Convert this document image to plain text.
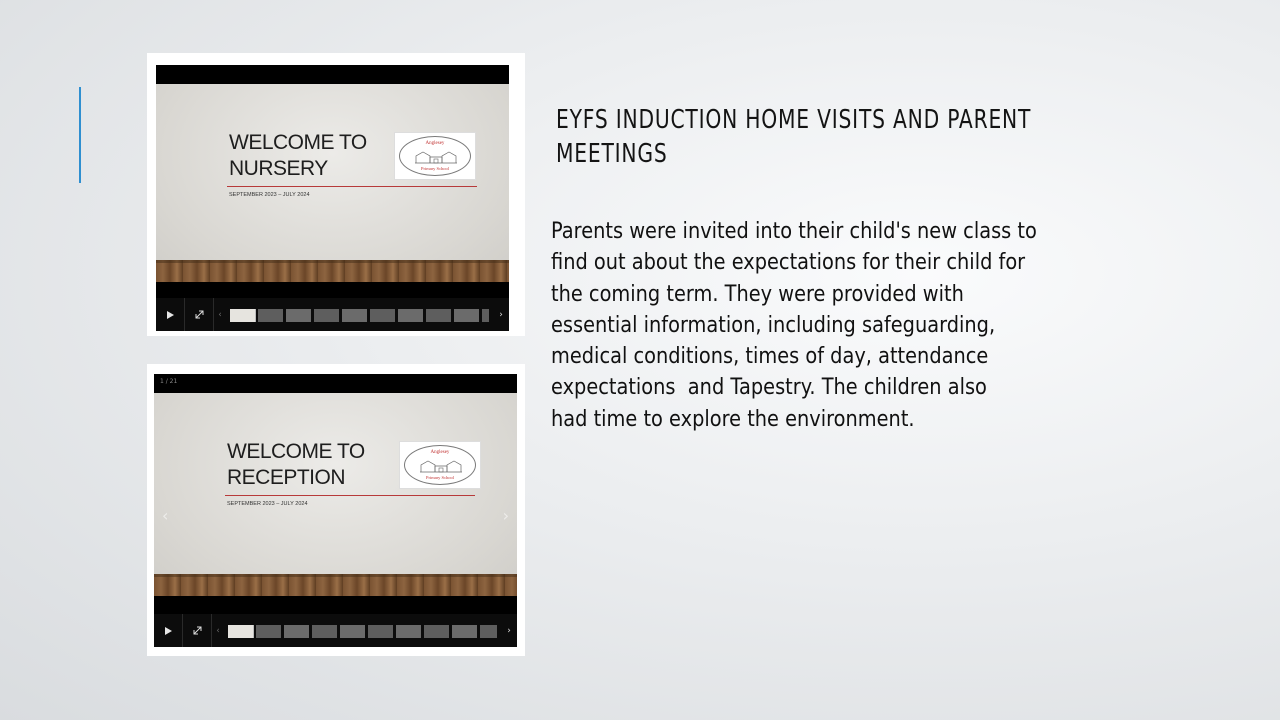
WELCOME TO
NURSERY
Anglesey
Primary School
SEPTEMBER 2023 – JULY 2024
‹	›
1 / 21
WELCOME TO
RECEPTION
Anglesey
Primary School
SEPTEMBER 2023 – JULY 2024
‹	›
‹	›
EYFS INDUCTION HOME VISITS AND PARENT
MEETINGS

Parents were invited into their child's new class to
find out about the expectations for their child for
the coming term. They were provided with
essential information, including safeguarding,
medical conditions, times of day, attendance
expectations  and Tapestry. The children also
had time to explore the environment.
